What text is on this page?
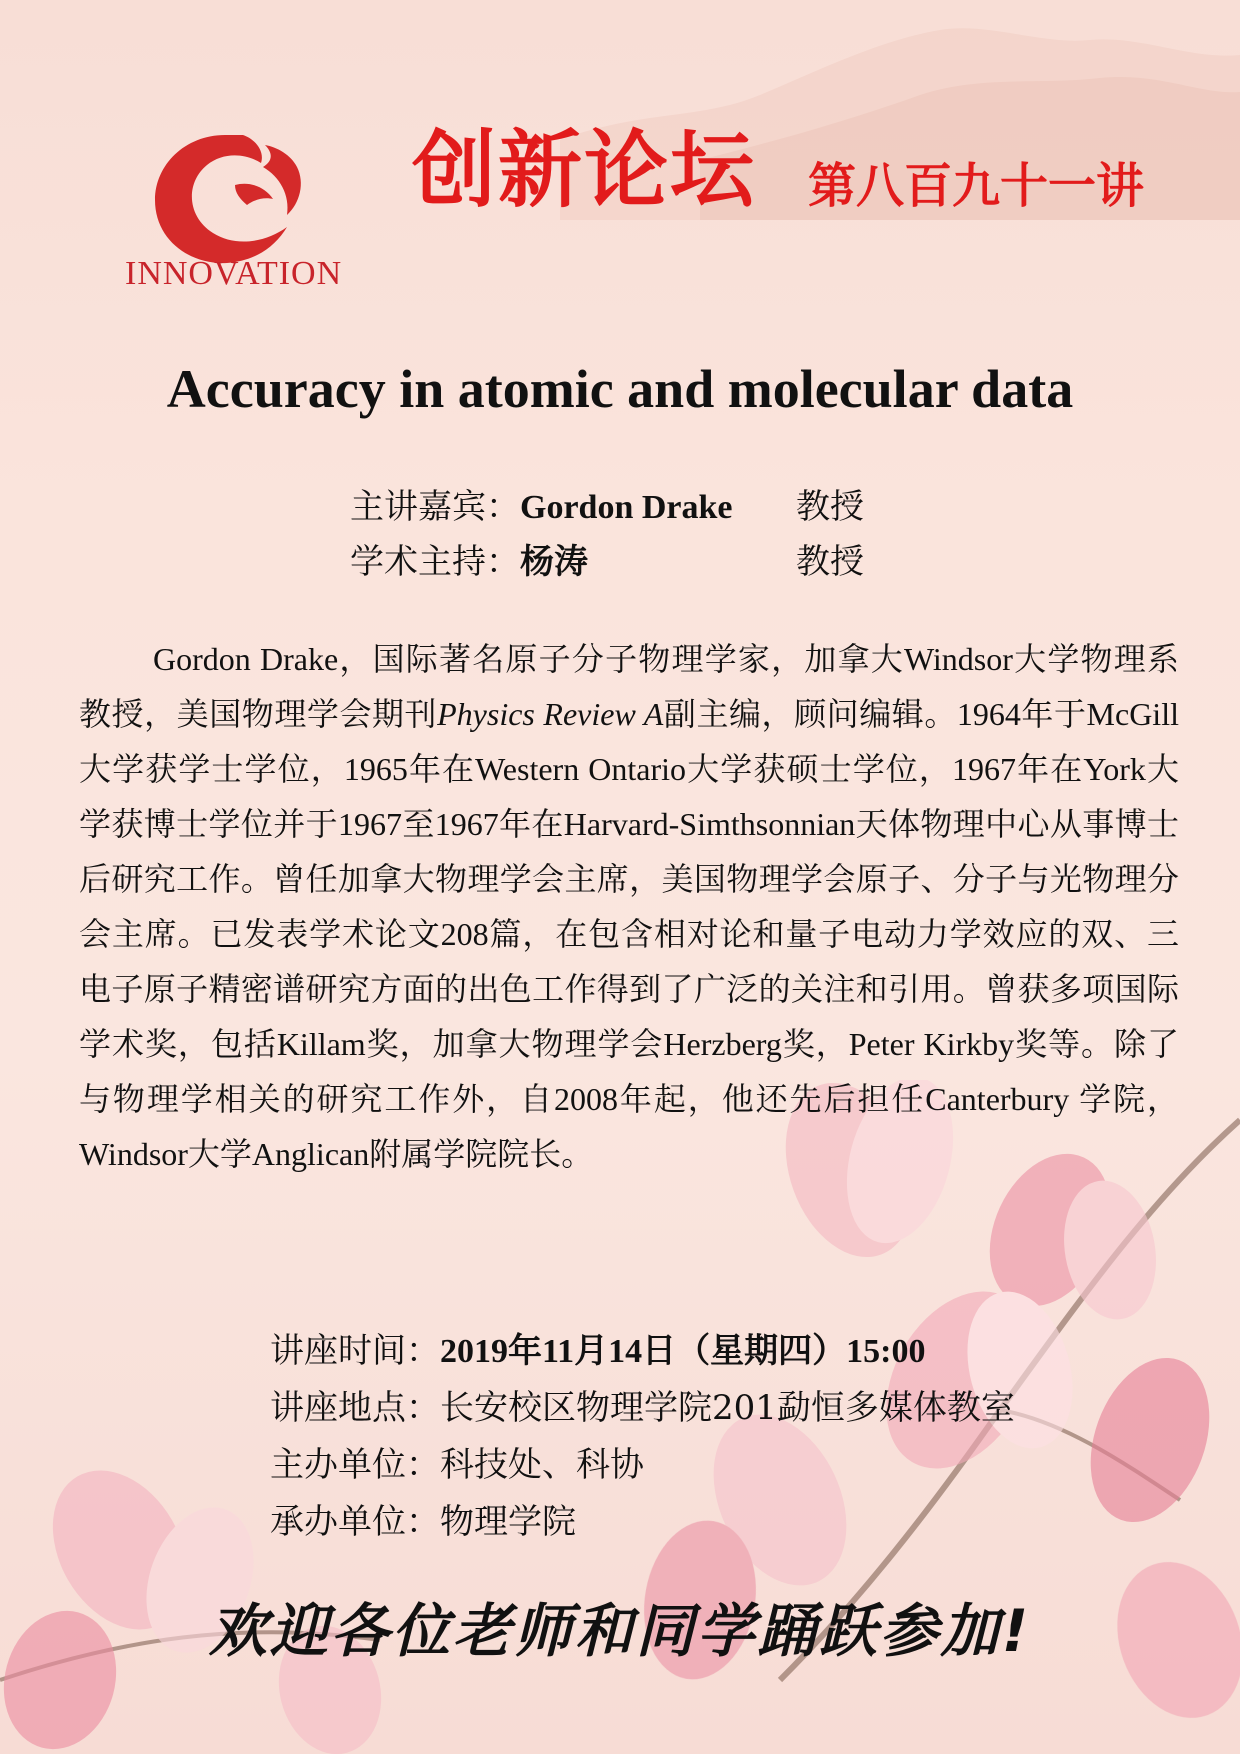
INNOVATION
创新论坛 第八百九十一讲
Accuracy in atomic and molecular data
主讲嘉宾：Gordon Drake 教授
学术主持：杨涛	教授
Gordon Drake，国际著名原子分子物理学家，加拿大Windsor大学物理系教授，美国物理学会期刊Physics Review A副主编，顾问编辑。1964年于McGill大学获学士学位，1965年在Western Ontario大学获硕士学位，1967年在York大学获博士学位并于1967至1967年在Harvard-Simthsonnian天体物理中心从事博士后研究工作。曾任加拿大物理学会主席，美国物理学会原子、分子与光物理分会主席。已发表学术论文208篇，在包含相对论和量子电动力学效应的双、三电子原子精密谱研究方面的出色工作得到了广泛的关注和引用。曾获多项国际学术奖，包括Killam奖，加拿大物理学会Herzberg奖，Peter Kirkby奖等。除了与物理学相关的研究工作外，自2008年起，他还先后担任Canterbury 学院，Windsor大学Anglican附属学院院长。
讲座时间：2019年11月14日（星期四）15:00
讲座地点：长安校区物理学院201勐恒多媒体教室
主办单位：科技处、科协
承办单位：物理学院
欢迎各位老师和同学踊跃参加!
